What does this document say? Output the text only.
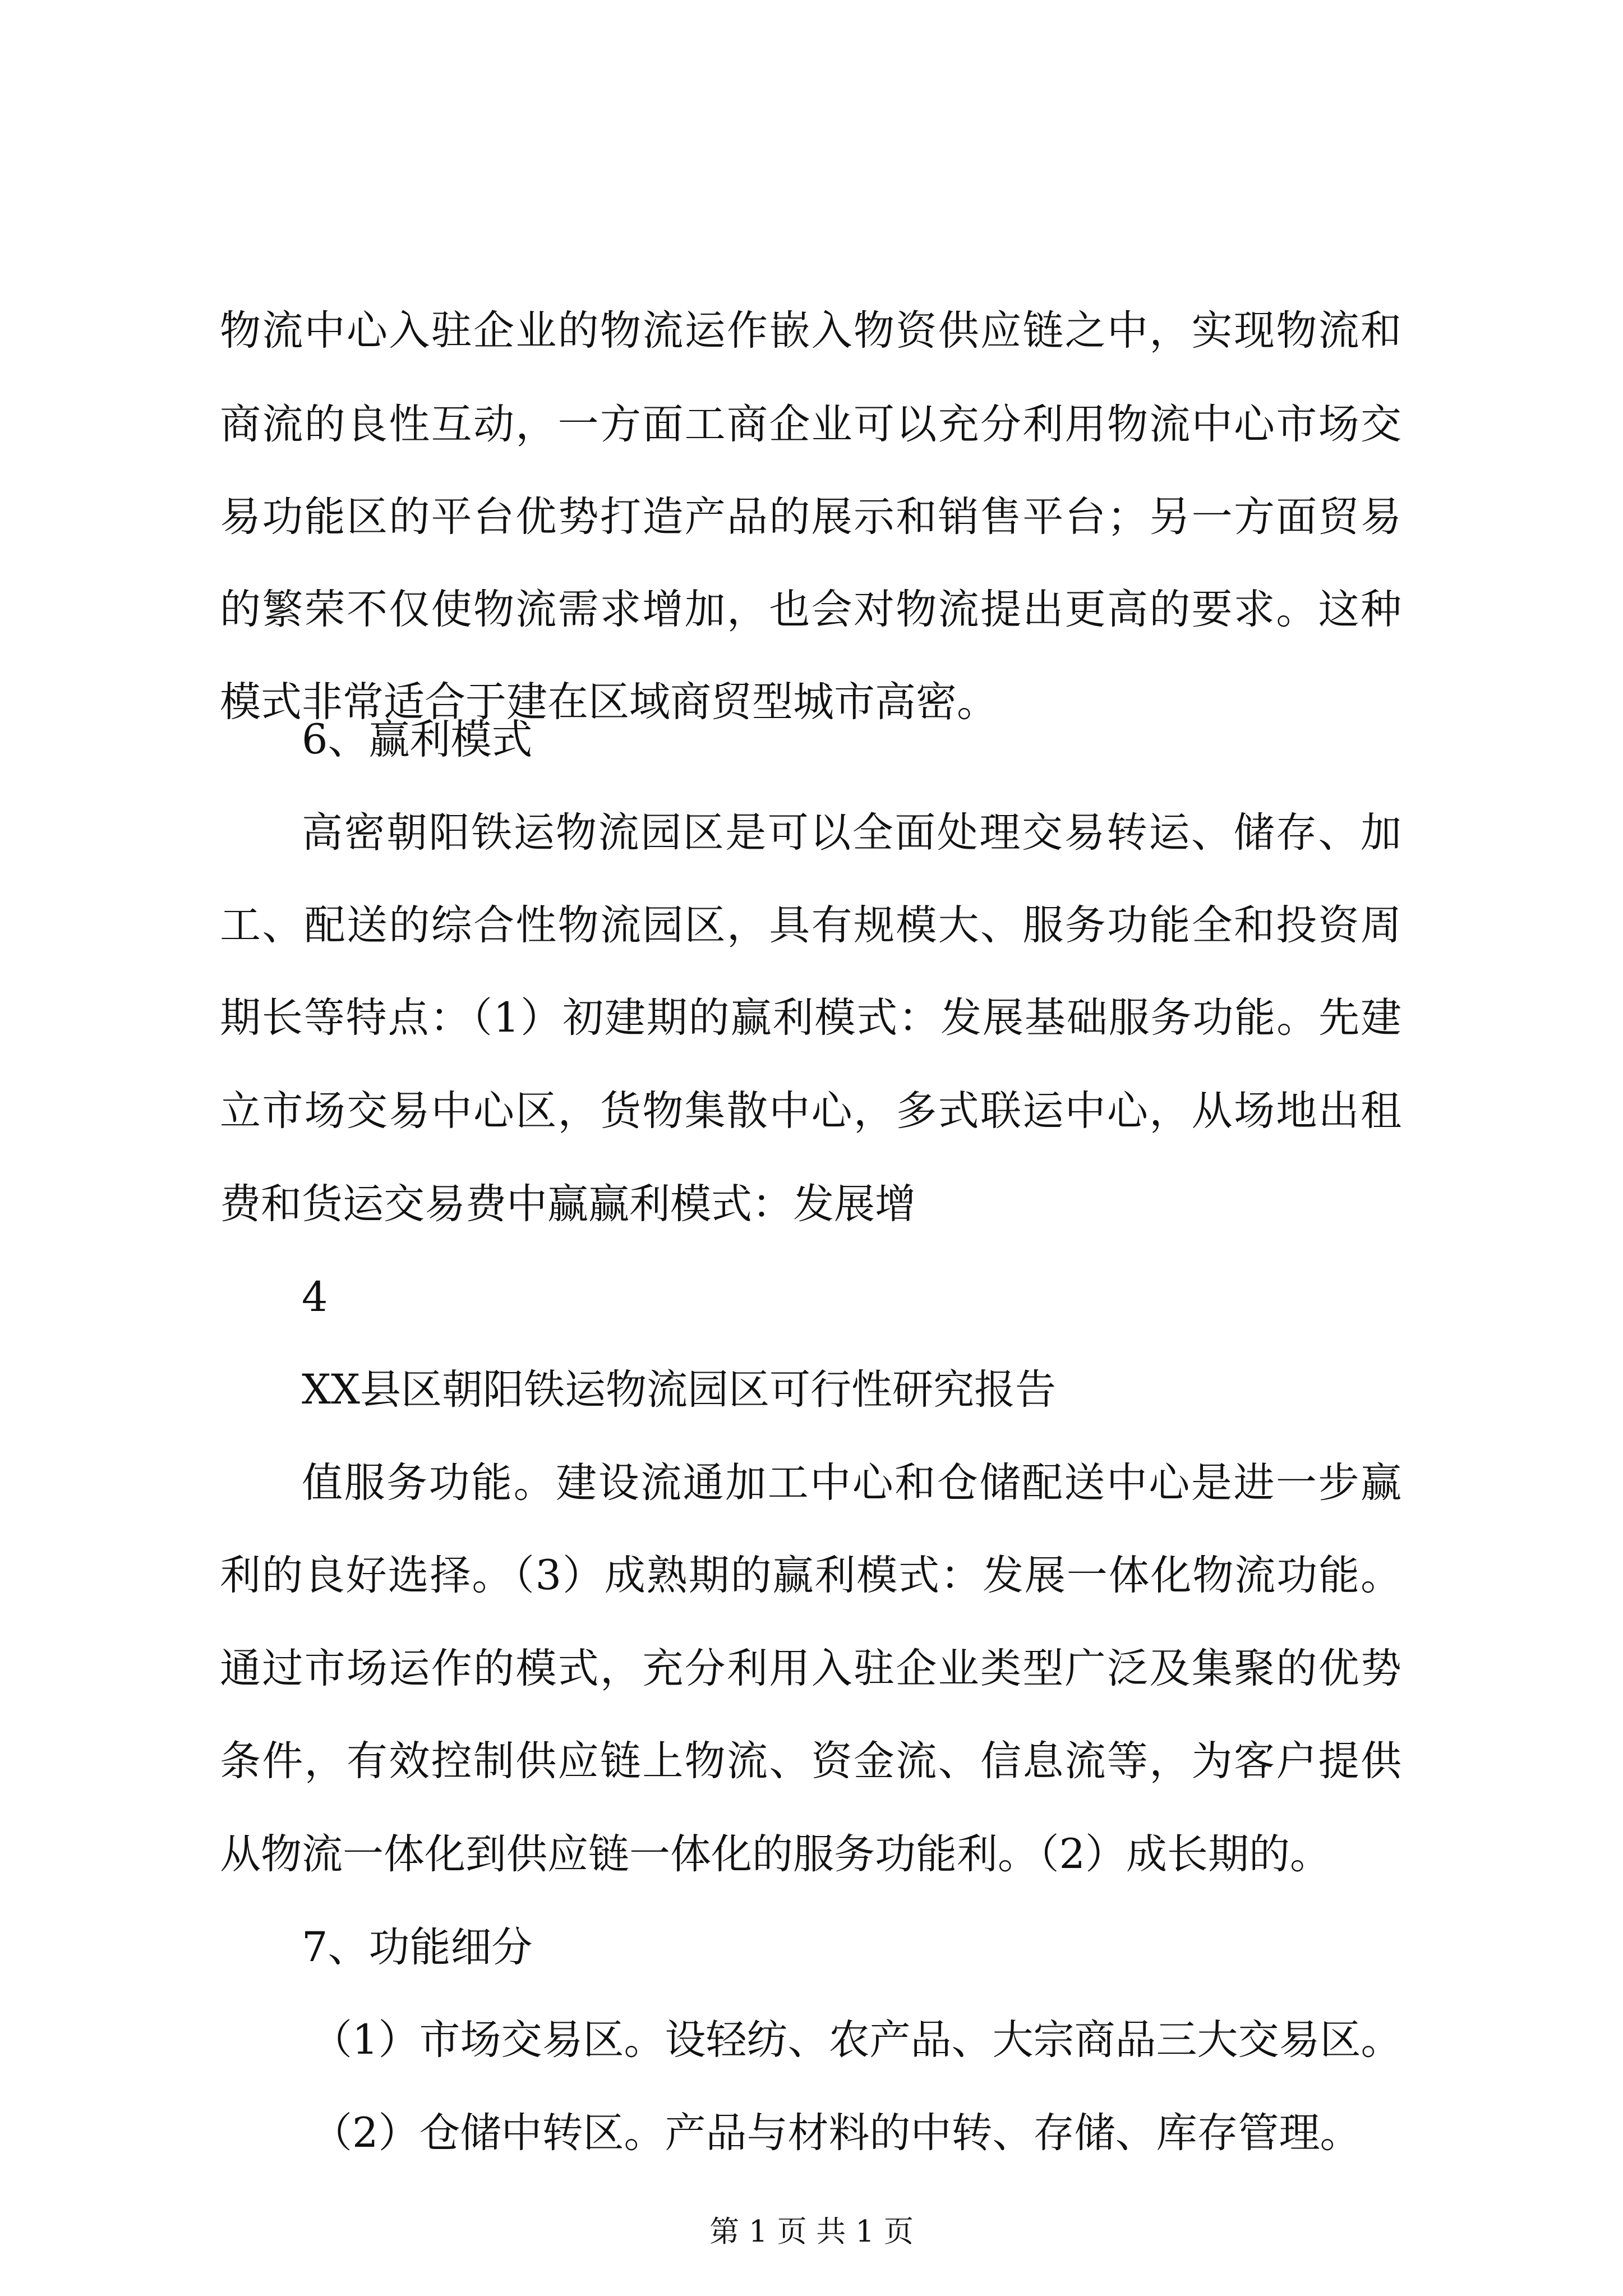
物流中心入驻企业的物流运作嵌入物资供应链之中，实现物流和
商流的良性互动，一方面工商企业可以充分利用物流中心市场交
易功能区的平台优势打造产品的展示和销售平台；另一方面贸易
的繁荣不仅使物流需求增加，也会对物流提出更高的要求。这种
模式非常适合于建在区域商贸型城市高密。
6、赢利模式
高密朝阳铁运物流园区是可以全面处理交易转运、储存、加
工、配送的综合性物流园区，具有规模大、服务功能全和投资周
期长等特点：（1）初建期的赢利模式：发展基础服务功能。先建
立市场交易中心区，货物集散中心，多式联运中心，从场地出租
费和货运交易费中赢赢利模式：发展增
4
XX县区朝阳铁运物流园区可行性研究报告
值服务功能。建设流通加工中心和仓储配送中心是进一步赢
利的良好选择。（3）成熟期的赢利模式：发展一体化物流功能。
通过市场运作的模式，充分利用入驻企业类型广泛及集聚的优势
条件，有效控制供应链上物流、资金流、信息流等，为客户提供
从物流一体化到供应链一体化的服务功能利。（2）成长期的。
7、功能细分
（1）市场交易区。设轻纺、农产品、大宗商品三大交易区。
（2）仓储中转区。产品与材料的中转、存储、库存管理。
第 1 页 共 1 页
